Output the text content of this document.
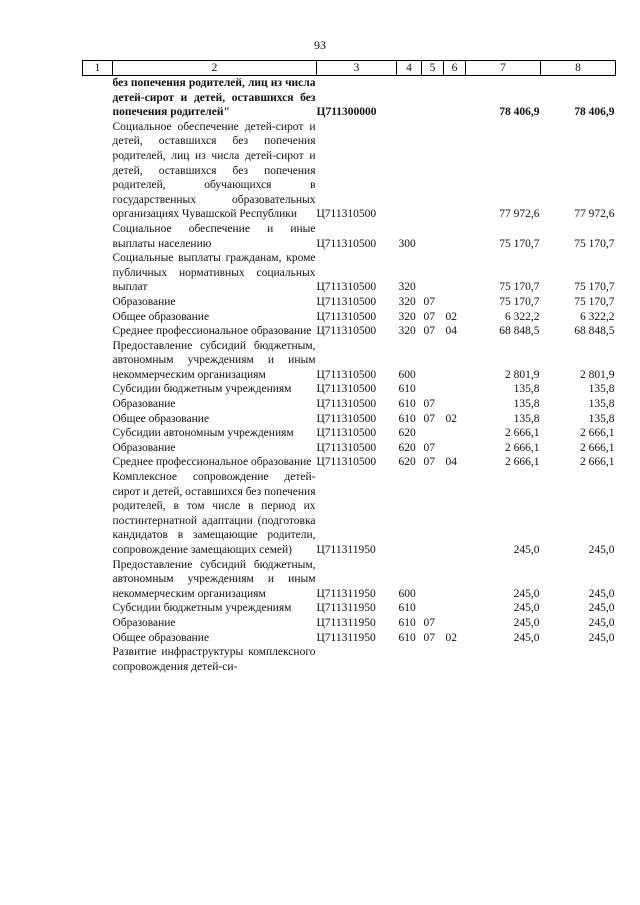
93
1	2	3	4	5	6	7	8
	без попечения родителей, лиц из числа детей-сирот и детей, оставшихся без попечения родителей"	Ц711300000				78 406,9	78 406,9
	Социальное обеспечение детей-сирот и детей, оставшихся без попечения родителей, лиц из числа детей-сирот и детей, оставшихся без попечения родителей, обучающихся в государственных образовательных организациях Чувашской Республики	Ц711310500				77 972,6	77 972,6
	Социальное обеспечение и иные выплаты населению	Ц711310500	300			75 170,7	75 170,7
	Социальные выплаты гражданам, кроме публичных нормативных социальных выплат	Ц711310500	320			75 170,7	75 170,7
	Образование	Ц711310500	320	07		75 170,7	75 170,7
	Общее образование	Ц711310500	320	07	02	6 322,2	6 322,2
	Среднее профессиональное образование	Ц711310500	320	07	04	68 848,5	68 848,5
	Предоставление субсидий бюджетным, автономным учреждениям и иным некоммерческим организациям	Ц711310500	600			2 801,9	2 801,9
	Субсидии бюджетным учреждениям	Ц711310500	610			135,8	135,8
	Образование	Ц711310500	610	07		135,8	135,8
	Общее образование	Ц711310500	610	07	02	135,8	135,8
	Субсидии автономным учреждениям	Ц711310500	620			2 666,1	2 666,1
	Образование	Ц711310500	620	07		2 666,1	2 666,1
	Среднее профессиональное образование	Ц711310500	620	07	04	2 666,1	2 666,1
	Комплексное сопровождение детей-сирот и детей, оставшихся без попечения родителей, в том числе в период их постинтернатной адаптации (подготовка кандидатов в замещающие родители, сопровождение замещающих семей)	Ц711311950				245,0	245,0
	Предоставление субсидий бюджетным, автономным учреждениям и иным некоммерческим организациям	Ц711311950	600			245,0	245,0
	Субсидии бюджетным учреждениям	Ц711311950	610			245,0	245,0
	Образование	Ц711311950	610	07		245,0	245,0
	Общее образование	Ц711311950	610	07	02	245,0	245,0
	Развитие инфраструктуры комплексного сопровождения детей-си-						
